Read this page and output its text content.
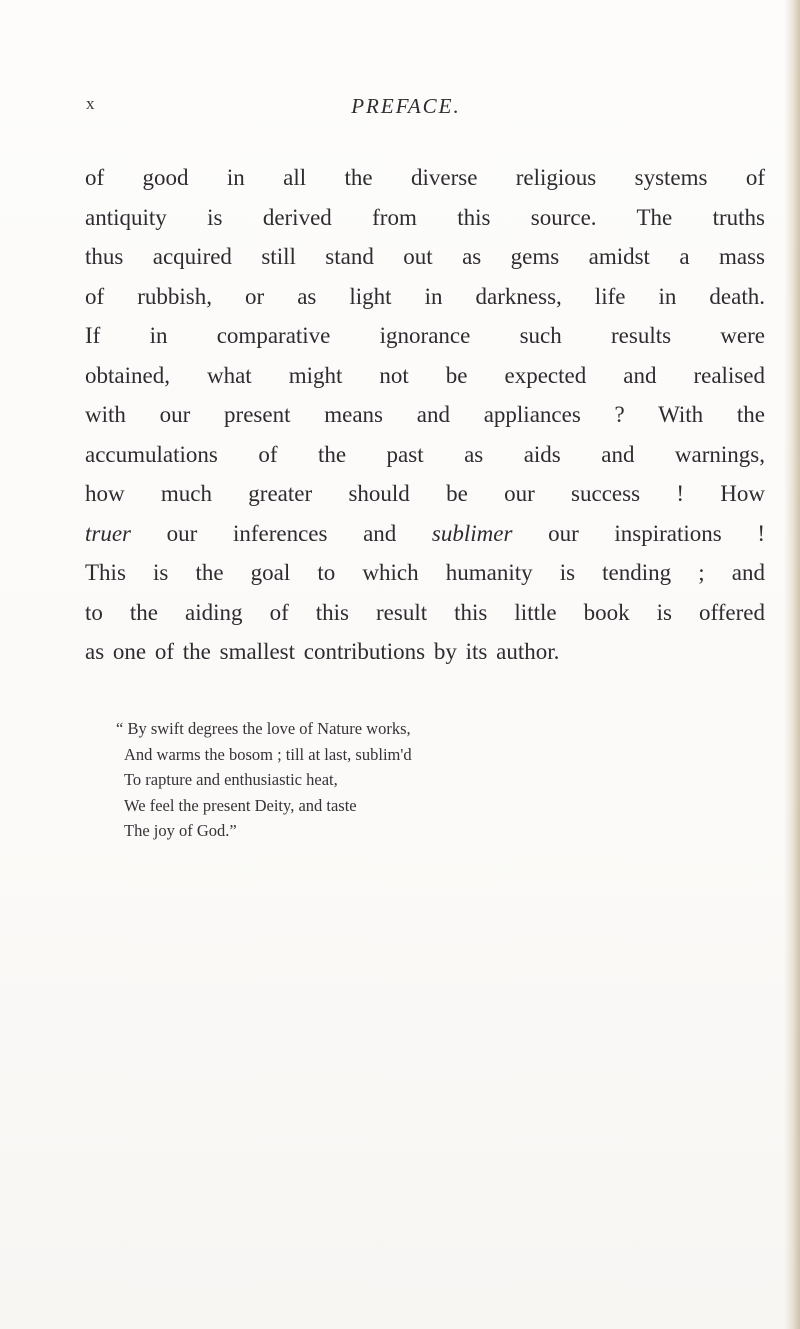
x	PREFACE.
of good in all the diverse religious systems of
antiquity is derived from this source. The truths
thus acquired still stand out as gems amidst a mass
of rubbish, or as light in darkness, life in death.
If in comparative ignorance such results were
obtained, what might not be expected and realised
with our present means and appliances ? With the
accumulations of the past as aids and warnings,
how much greater should be our success ! How
truer our inferences and sublimer our inspirations !
This is the goal to which humanity is tending ; and
to the aiding of this result this little book is offered
as one of the smallest contributions by its author.
“ By swift degrees the love of Nature works,
And warms the bosom ; till at last, sublim'd
To rapture and enthusiastic heat,
We feel the present Deity, and taste
The joy of God.”
